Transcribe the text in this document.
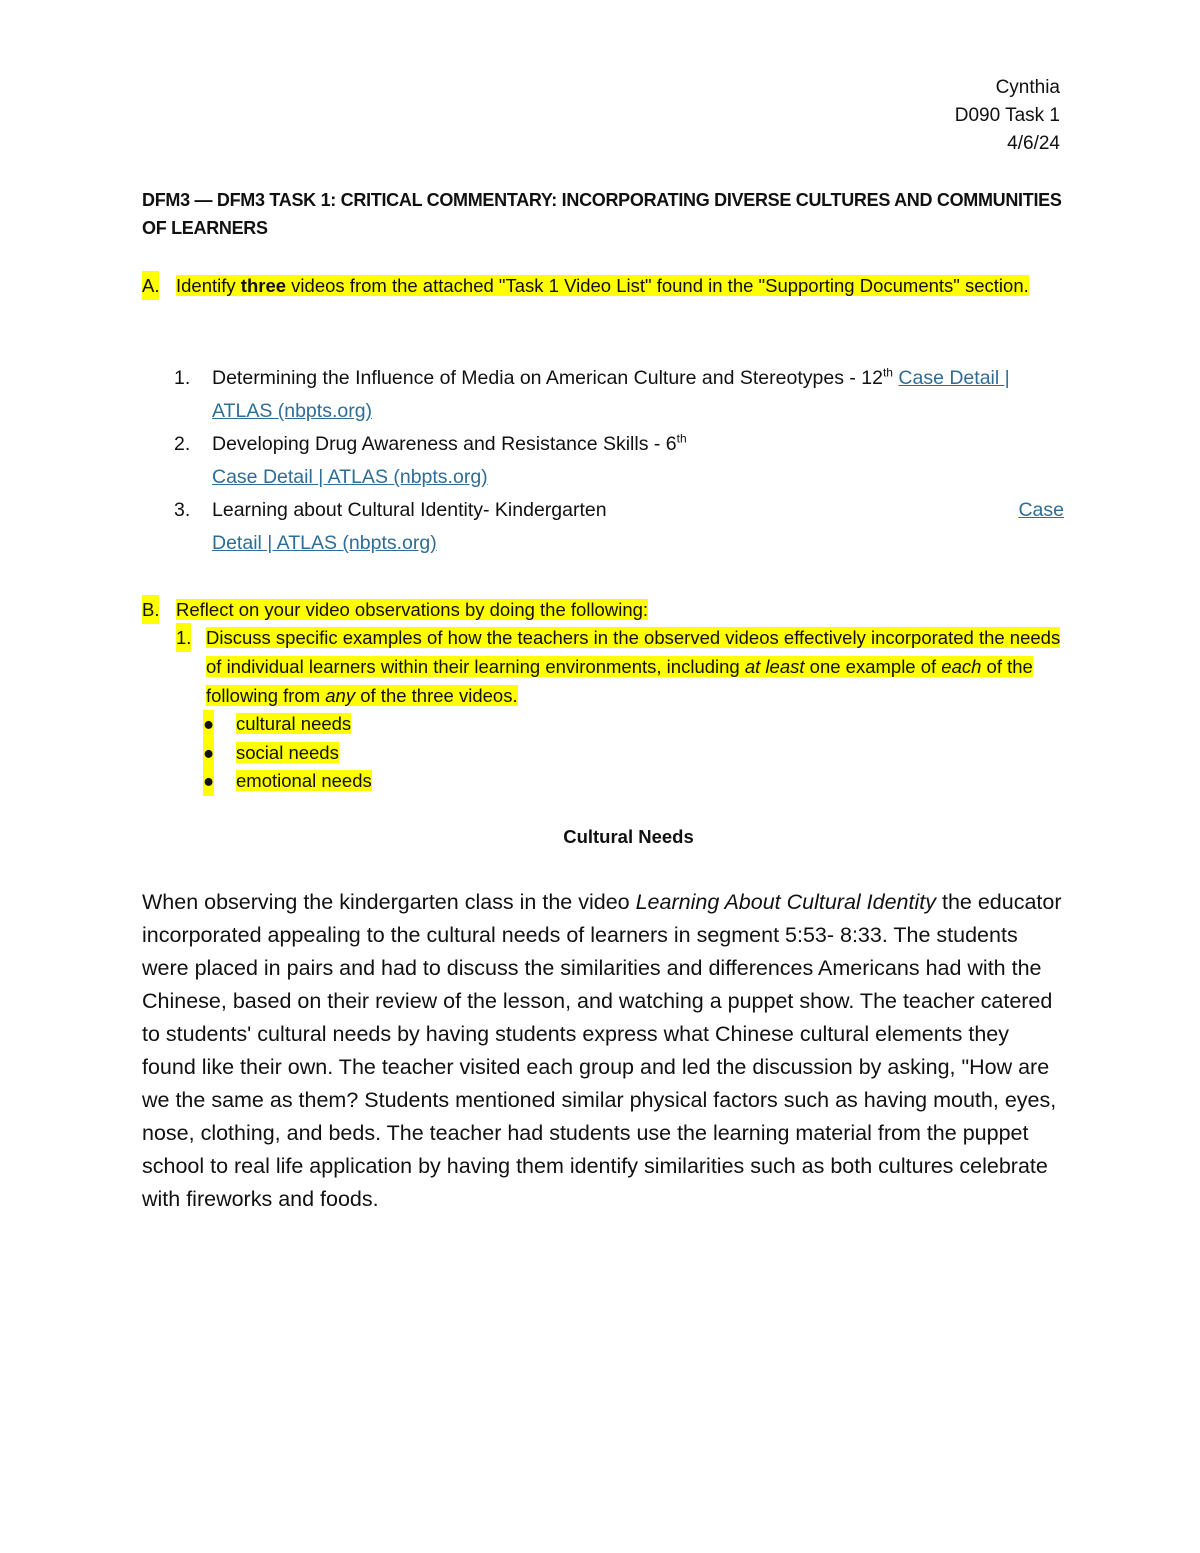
Cynthia
D090 Task 1
4/6/24
DFM3 — DFM3 TASK 1: CRITICAL COMMENTARY: INCORPORATING DIVERSE CULTURES AND COMMUNITIES OF LEARNERS
A. Identify three videos from the attached "Task 1 Video List" found in the "Supporting Documents" section.
1. Determining the Influence of Media on American Culture and Stereotypes - 12th Case Detail | ATLAS (nbpts.org)
2. Developing Drug Awareness and Resistance Skills - 6th
Case Detail | ATLAS (nbpts.org)
3. Learning about Cultural Identity- Kindergarten	Case

Detail | ATLAS (nbpts.org)
B. Reflect on your video observations by doing the following:
1. Discuss specific examples of how the teachers in the observed videos effectively incorporated the needs of individual learners within their learning environments, including at least one example of each of the following from any of the three videos.
● cultural needs
● social needs
● emotional needs
Cultural Needs
When observing the kindergarten class in the video Learning About Cultural Identity the educator incorporated appealing to the cultural needs of learners in segment 5:53- 8:33. The students were placed in pairs and had to discuss the similarities and differences Americans had with the Chinese, based on their review of the lesson, and watching a puppet show. The teacher catered to students' cultural needs by having students express what Chinese cultural elements they found like their own. The teacher visited each group and led the discussion by asking, "How are we the same as them? Students mentioned similar physical factors such as having mouth, eyes, nose, clothing, and beds. The teacher had students use the learning material from the puppet school to real life application by having them identify similarities such as both cultures celebrate with fireworks and foods.
